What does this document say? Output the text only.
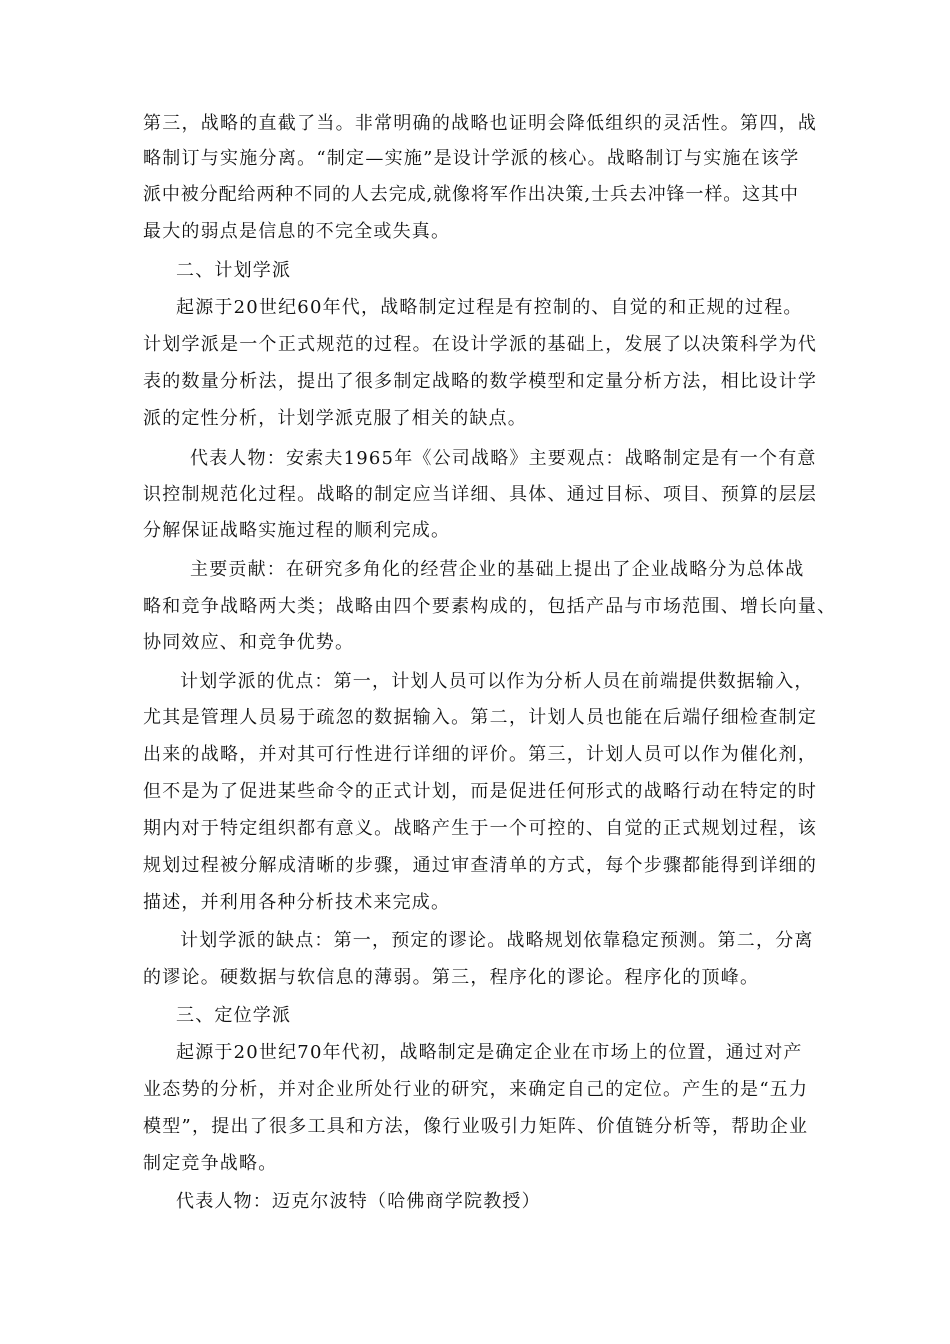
第三，战略的直截了当。非常明确的战略也证明会降低组织的灵活性。第四，战
略制订与实施分离。“制定—实施”是设计学派的核心。战略制订与实施在该学
派中被分配给两种不同的人去完成,就像将军作出决策,士兵去冲锋一样。这其中
最大的弱点是信息的不完全或失真。
二、计划学派
起源于20世纪60年代，战略制定过程是有控制的、自觉的和正规的过程。
计划学派是一个正式规范的过程。在设计学派的基础上，发展了以决策科学为代
表的数量分析法，提出了很多制定战略的数学模型和定量分析方法，相比设计学
派的定性分析，计划学派克服了相关的缺点。
代表人物：安索夫1965年《公司战略》主要观点：战略制定是有一个有意
识控制规范化过程。战略的制定应当详细、具体、通过目标、项目、预算的层层
分解保证战略实施过程的顺利完成。
主要贡献：在研究多角化的经营企业的基础上提出了企业战略分为总体战
略和竞争战略两大类；战略由四个要素构成的，包括产品与市场范围、增长向量、
协同效应、和竞争优势。
计划学派的优点：第一，计划人员可以作为分析人员在前端提供数据输入，
尤其是管理人员易于疏忽的数据输入。第二，计划人员也能在后端仔细检查制定
出来的战略，并对其可行性进行详细的评价。第三，计划人员可以作为催化剂，
但不是为了促进某些命令的正式计划，而是促进任何形式的战略行动在特定的时
期内对于特定组织都有意义。战略产生于一个可控的、自觉的正式规划过程，该
规划过程被分解成清晰的步骤，通过审查清单的方式，每个步骤都能得到详细的
描述，并利用各种分析技术来完成。
计划学派的缺点：第一，预定的谬论。战略规划依靠稳定预测。第二，分离
的谬论。硬数据与软信息的薄弱。第三，程序化的谬论。程序化的顶峰。
三、定位学派
起源于20世纪70年代初，战略制定是确定企业在市场上的位置，通过对产
业态势的分析，并对企业所处行业的研究，来确定自己的定位。产生的是“五力
模型”，提出了很多工具和方法，像行业吸引力矩阵、价值链分析等，帮助企业
制定竞争战略。
代表人物：迈克尔波特（哈佛商学院教授）
